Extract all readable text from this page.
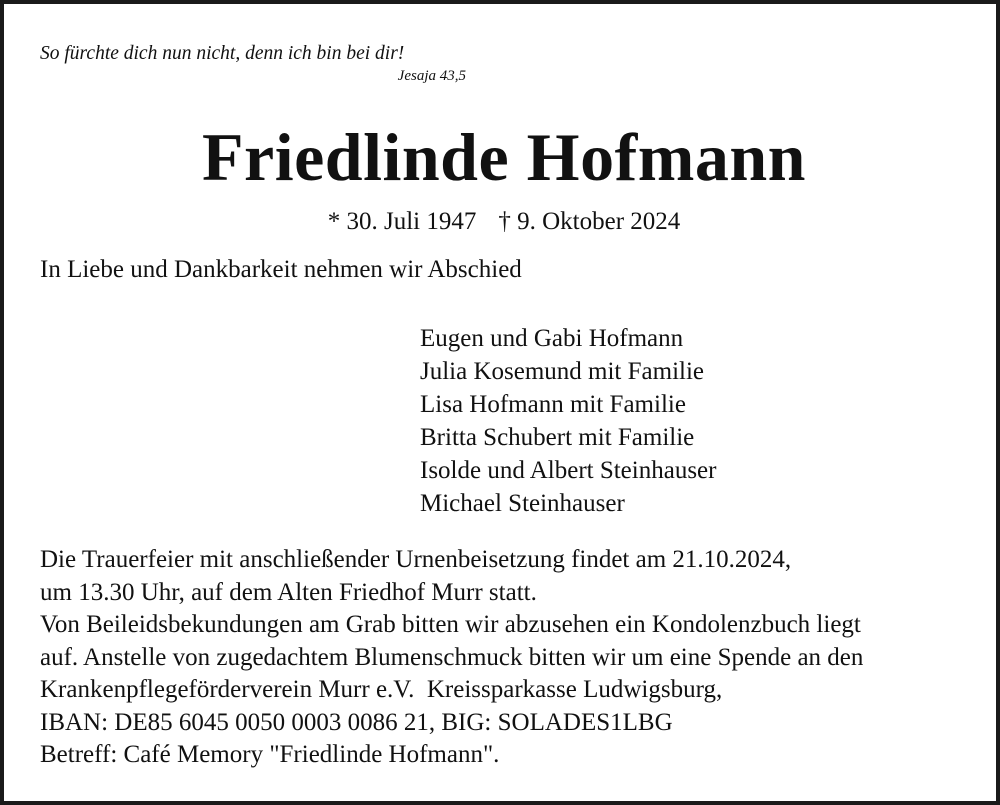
So fürchte dich nun nicht, denn ich bin bei dir!
Jesaja 43,5
Friedlinde Hofmann
* 30. Juli 1947 † 9. Oktober 2024
In Liebe und Dankbarkeit nehmen wir Abschied
Eugen und Gabi Hofmann
Julia Kosemund mit Familie
Lisa Hofmann mit Familie
Britta Schubert mit Familie
Isolde und Albert Steinhauser
Michael Steinhauser
Die Trauerfeier mit anschließender Urnenbeisetzung findet am 21.10.2024,
um 13.30 Uhr, auf dem Alten Friedhof Murr statt.
Von Beileidsbekundungen am Grab bitten wir abzusehen ein Kondolenzbuch liegt
auf. Anstelle von zugedachtem Blumenschmuck bitten wir um eine Spende an den
Krankenpflegeförderverein Murr e.V.  Kreissparkasse Ludwigsburg,
IBAN: DE85 6045 0050 0003 0086 21, BIG: SOLADES1LBG
Betreff: Café Memory "Friedlinde Hofmann".
